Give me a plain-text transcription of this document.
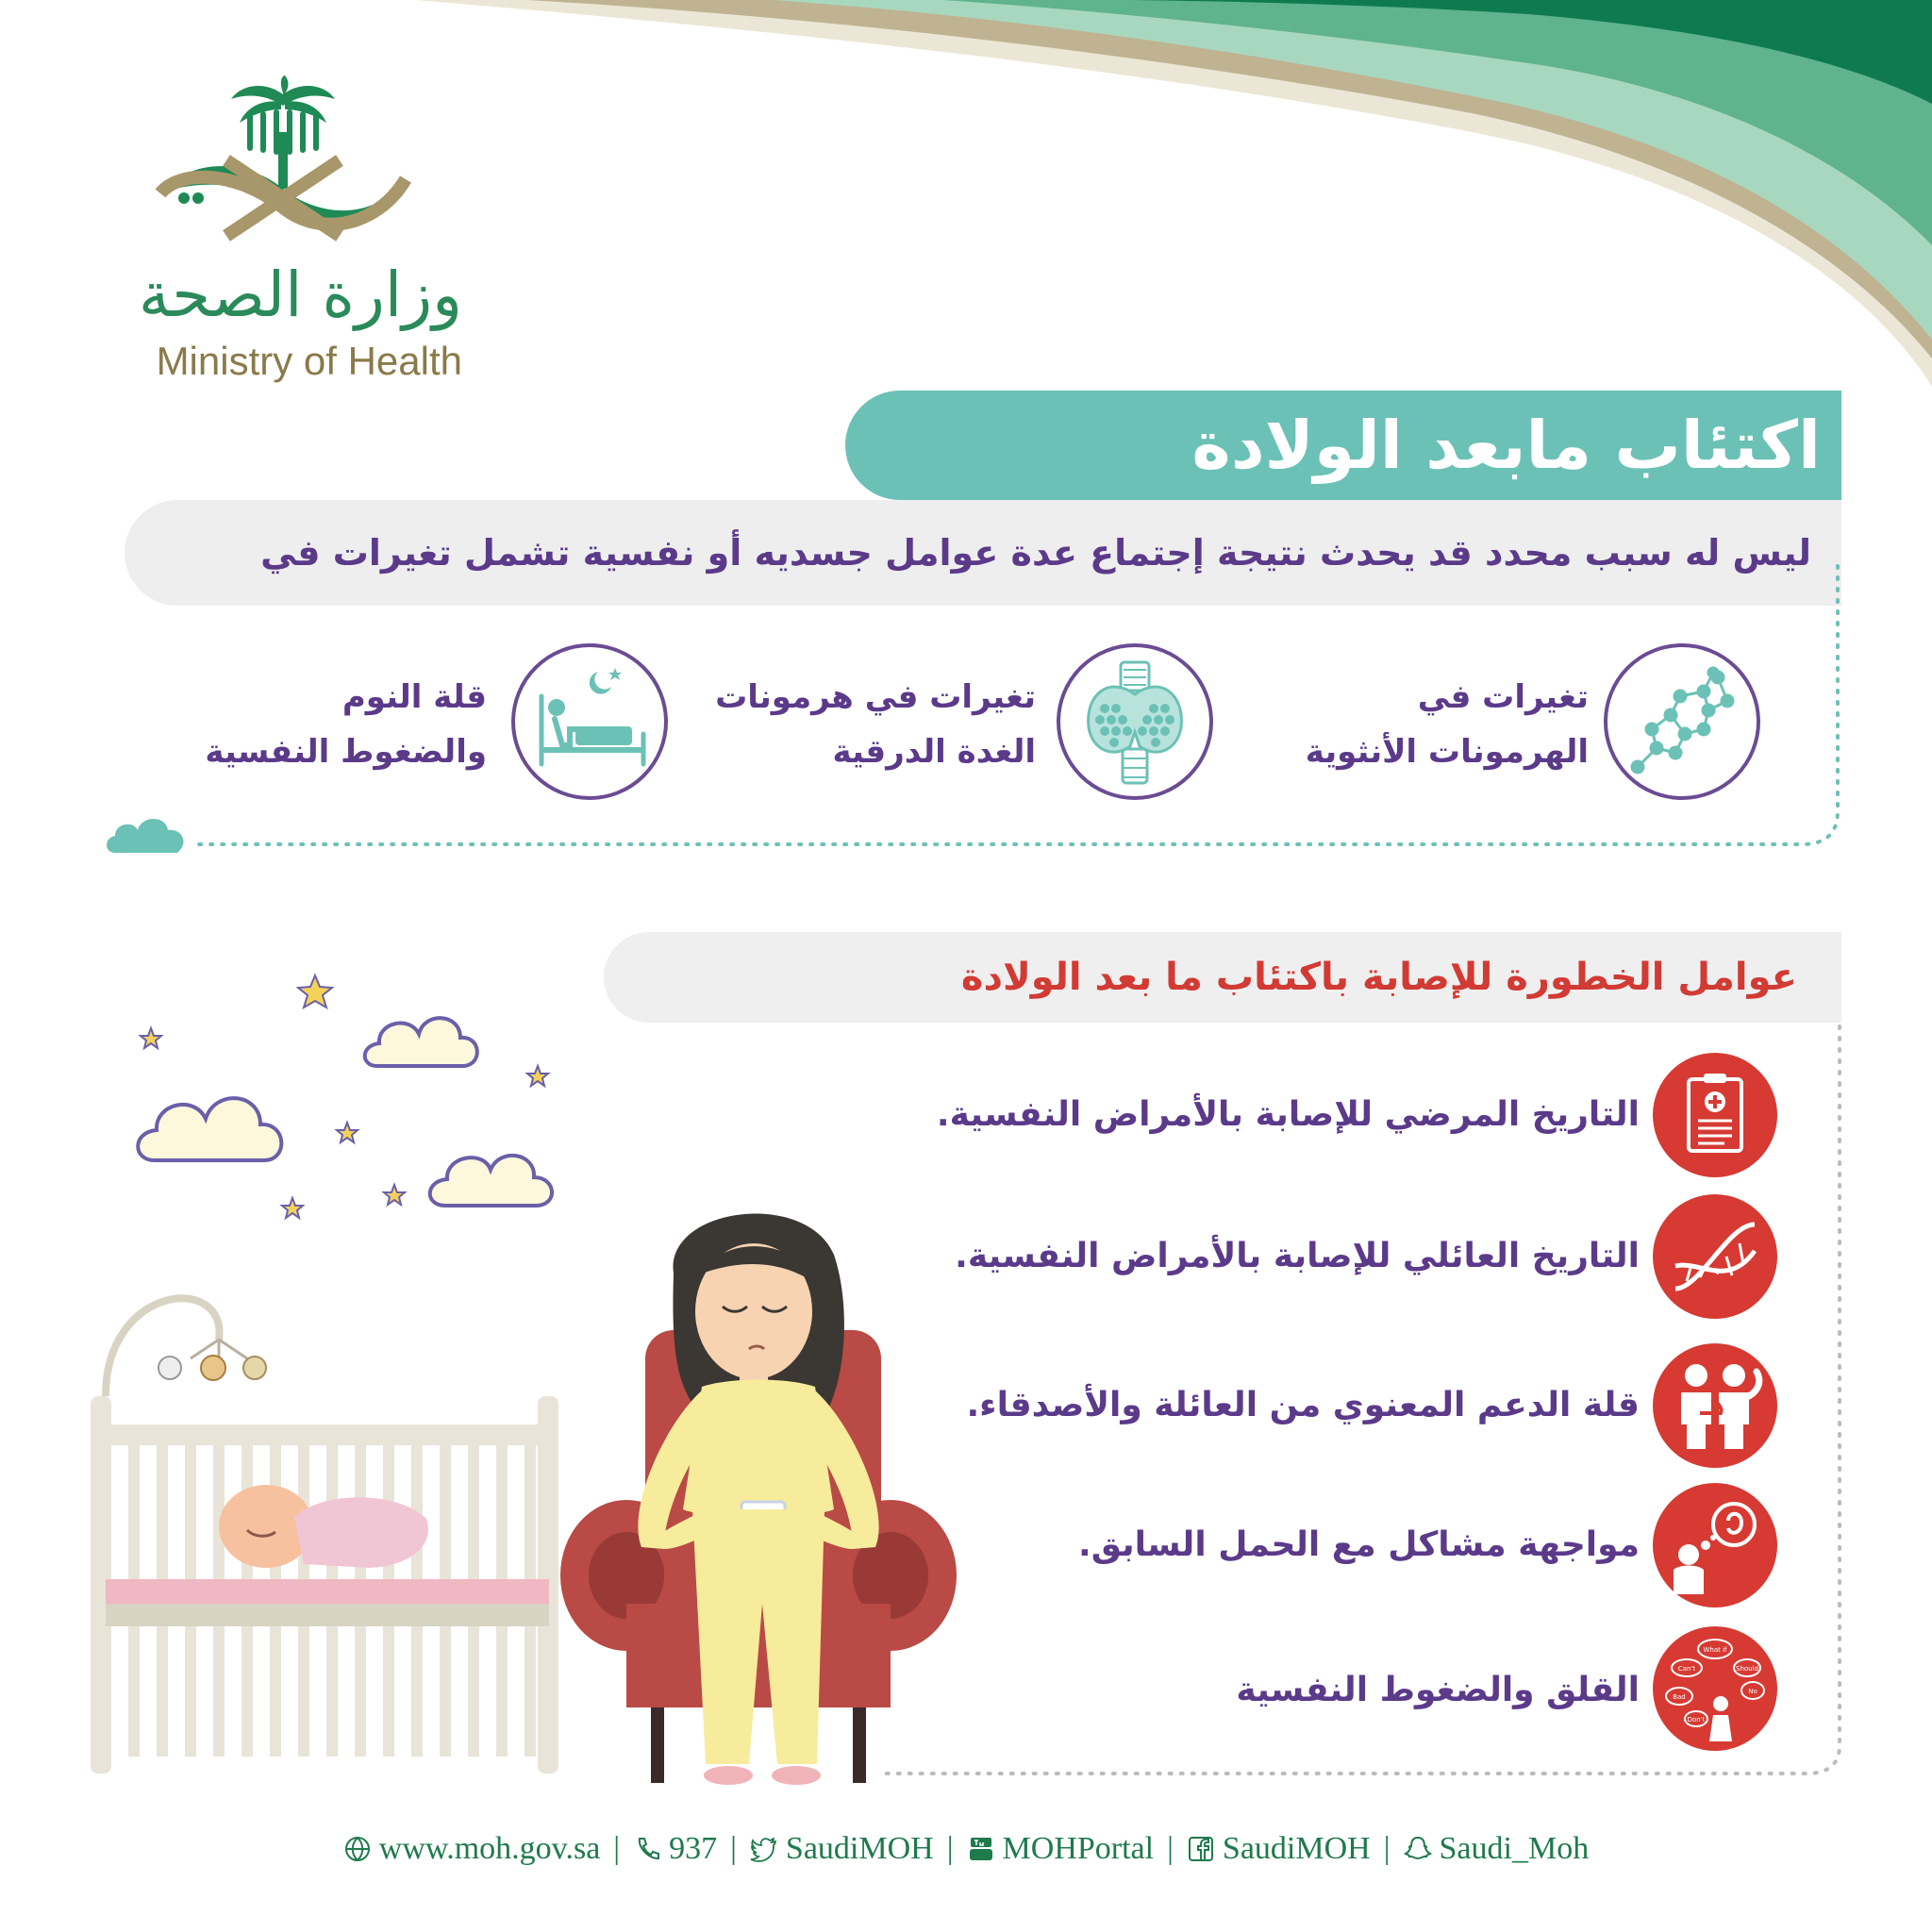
وزارة الصحة
Ministry of Health
اكتئاب مابعد الولادة
ليس له سبب محدد قد يحدث نتيجة إجتماع عدة عوامل جسديه أو نفسية تشمل تغيرات في
تغيرات في
الهرمونات الأنثوية
تغيرات في هرمونات
الغدة الدرقية
قلة النوم
والضغوط النفسية
عوامل الخطورة للإصابة باكتئاب ما بعد الولادة
التاريخ المرضي للإصابة بالأمراض النفسية.
التاريخ العائلي للإصابة بالأمراض النفسية.
قلة الدعم المعنوي من العائلة والأصدقاء.
مواجهة مشاكل مع الحمل السابق.
What if
Can't	Should
No
Bad
Don't
القلق والضغوط النفسية
www.moh.gov.sa | 937 | SaudiMOH | MOHPortal | SaudiMOH | Saudi_Moh
